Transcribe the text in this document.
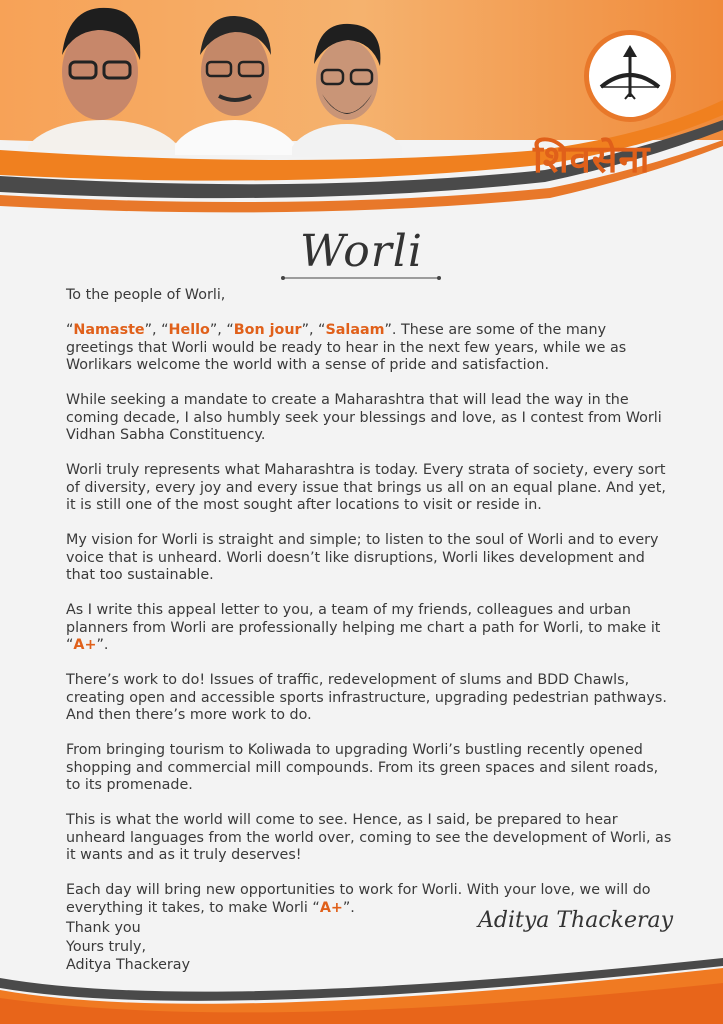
शिवसेना
Worli

To the people of Worli,

“Namaste”, “Hello”, “Bon jour”, “Salaam”. These are some of the many greetings that Worli would be ready to hear in the next few years, while we as Worlikars welcome the world with a sense of pride and satisfaction.

While seeking a mandate to create a Maharashtra that will lead the way in the coming decade, I also humbly seek your blessings and love, as I contest from Worli Vidhan Sabha Constituency.

Worli truly represents what Maharashtra is today. Every strata of society, every sort of diversity, every joy and every issue that brings us all on an equal plane. And yet, it is still one of the most sought after locations to visit or reside in.

My vision for Worli is straight and simple; to listen to the soul of Worli and to every voice that is unheard. Worli doesn’t like disruptions, Worli likes development and that too sustainable.

As I write this appeal letter to you, a team of my friends, colleagues and urban planners from Worli are professionally helping me chart a path for Worli, to make it “A+”.

There’s work to do! Issues of traffic, redevelopment of slums and BDD Chawls, creating open and accessible sports infrastructure, upgrading pedestrian pathways.
And then there’s more work to do.

From bringing tourism to Koliwada to upgrading Worli’s bustling recently opened shopping and commercial mill compounds. From its green spaces and silent roads, to its promenade.

This is what the world will come to see. Hence, as I said, be prepared to hear unheard languages from the world over, coming to see the development of Worli, as it wants and as it truly deserves!

Each day will bring new opportunities to work for Worli. With your love, we will do everything it takes, to make Worli “A+”.

Thank you
Yours truly,
Aditya Thackeray
Aditya Thackeray
